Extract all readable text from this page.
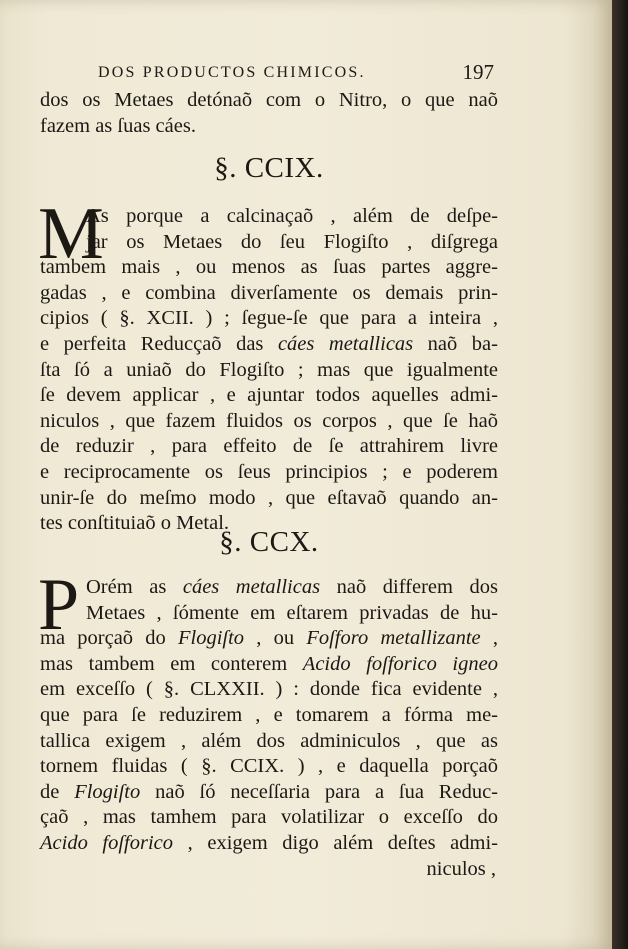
DOS PRODUCTOS CHIMICOS.	197
dos os Metaes detónaõ com o Nitro, o que naõ
fazem as ſuas cáes.
§. CCIX.
M
As porque a calcinaçaõ , além de deſpe-
jar os Metaes do ſeu Flogiſto , diſgrega
tambem mais , ou menos as ſuas partes aggre-
gadas , e combina diverſamente os demais prin-
cipios ( §. XCII. ) ; ſegue-ſe que para a inteira ,
e perfeita Reducçaõ das cáes metallicas naõ ba-
ſta ſó a uniaõ do Flogiſto ; mas que igualmente
ſe devem applicar , e ajuntar todos aquelles admi-
niculos , que fazem fluidos os corpos , que ſe haõ
de reduzir , para effeito de ſe attrahirem livre
e reciprocamente os ſeus principios ; e poderem
unir-ſe do meſmo modo , que eſtavaõ quando an-
tes conſtituiaõ o Metal.
§. CCX.
P Orém as cáes metallicas naõ differem dos
Metaes , ſómente em eſtarem privadas de hu-
ma porçaõ do Flogiſto , ou Foſforo metallizante ,
mas tambem em conterem Acido foſforico igneo
em exceſſo ( §. CLXXII. ) : donde fica evidente ,
que para ſe reduzirem , e tomarem a fórma me-
tallica exigem , além dos adminiculos , que as
tornem fluidas ( §. CCIX. ) , e daquella porçaõ
de Flogiſto naõ ſó neceſſaria para a ſua Reduc-
çaõ , mas tamhem para volatilizar o exceſſo do
Acido foſforico , exigem digo além deſtes admi-
niculos ,
